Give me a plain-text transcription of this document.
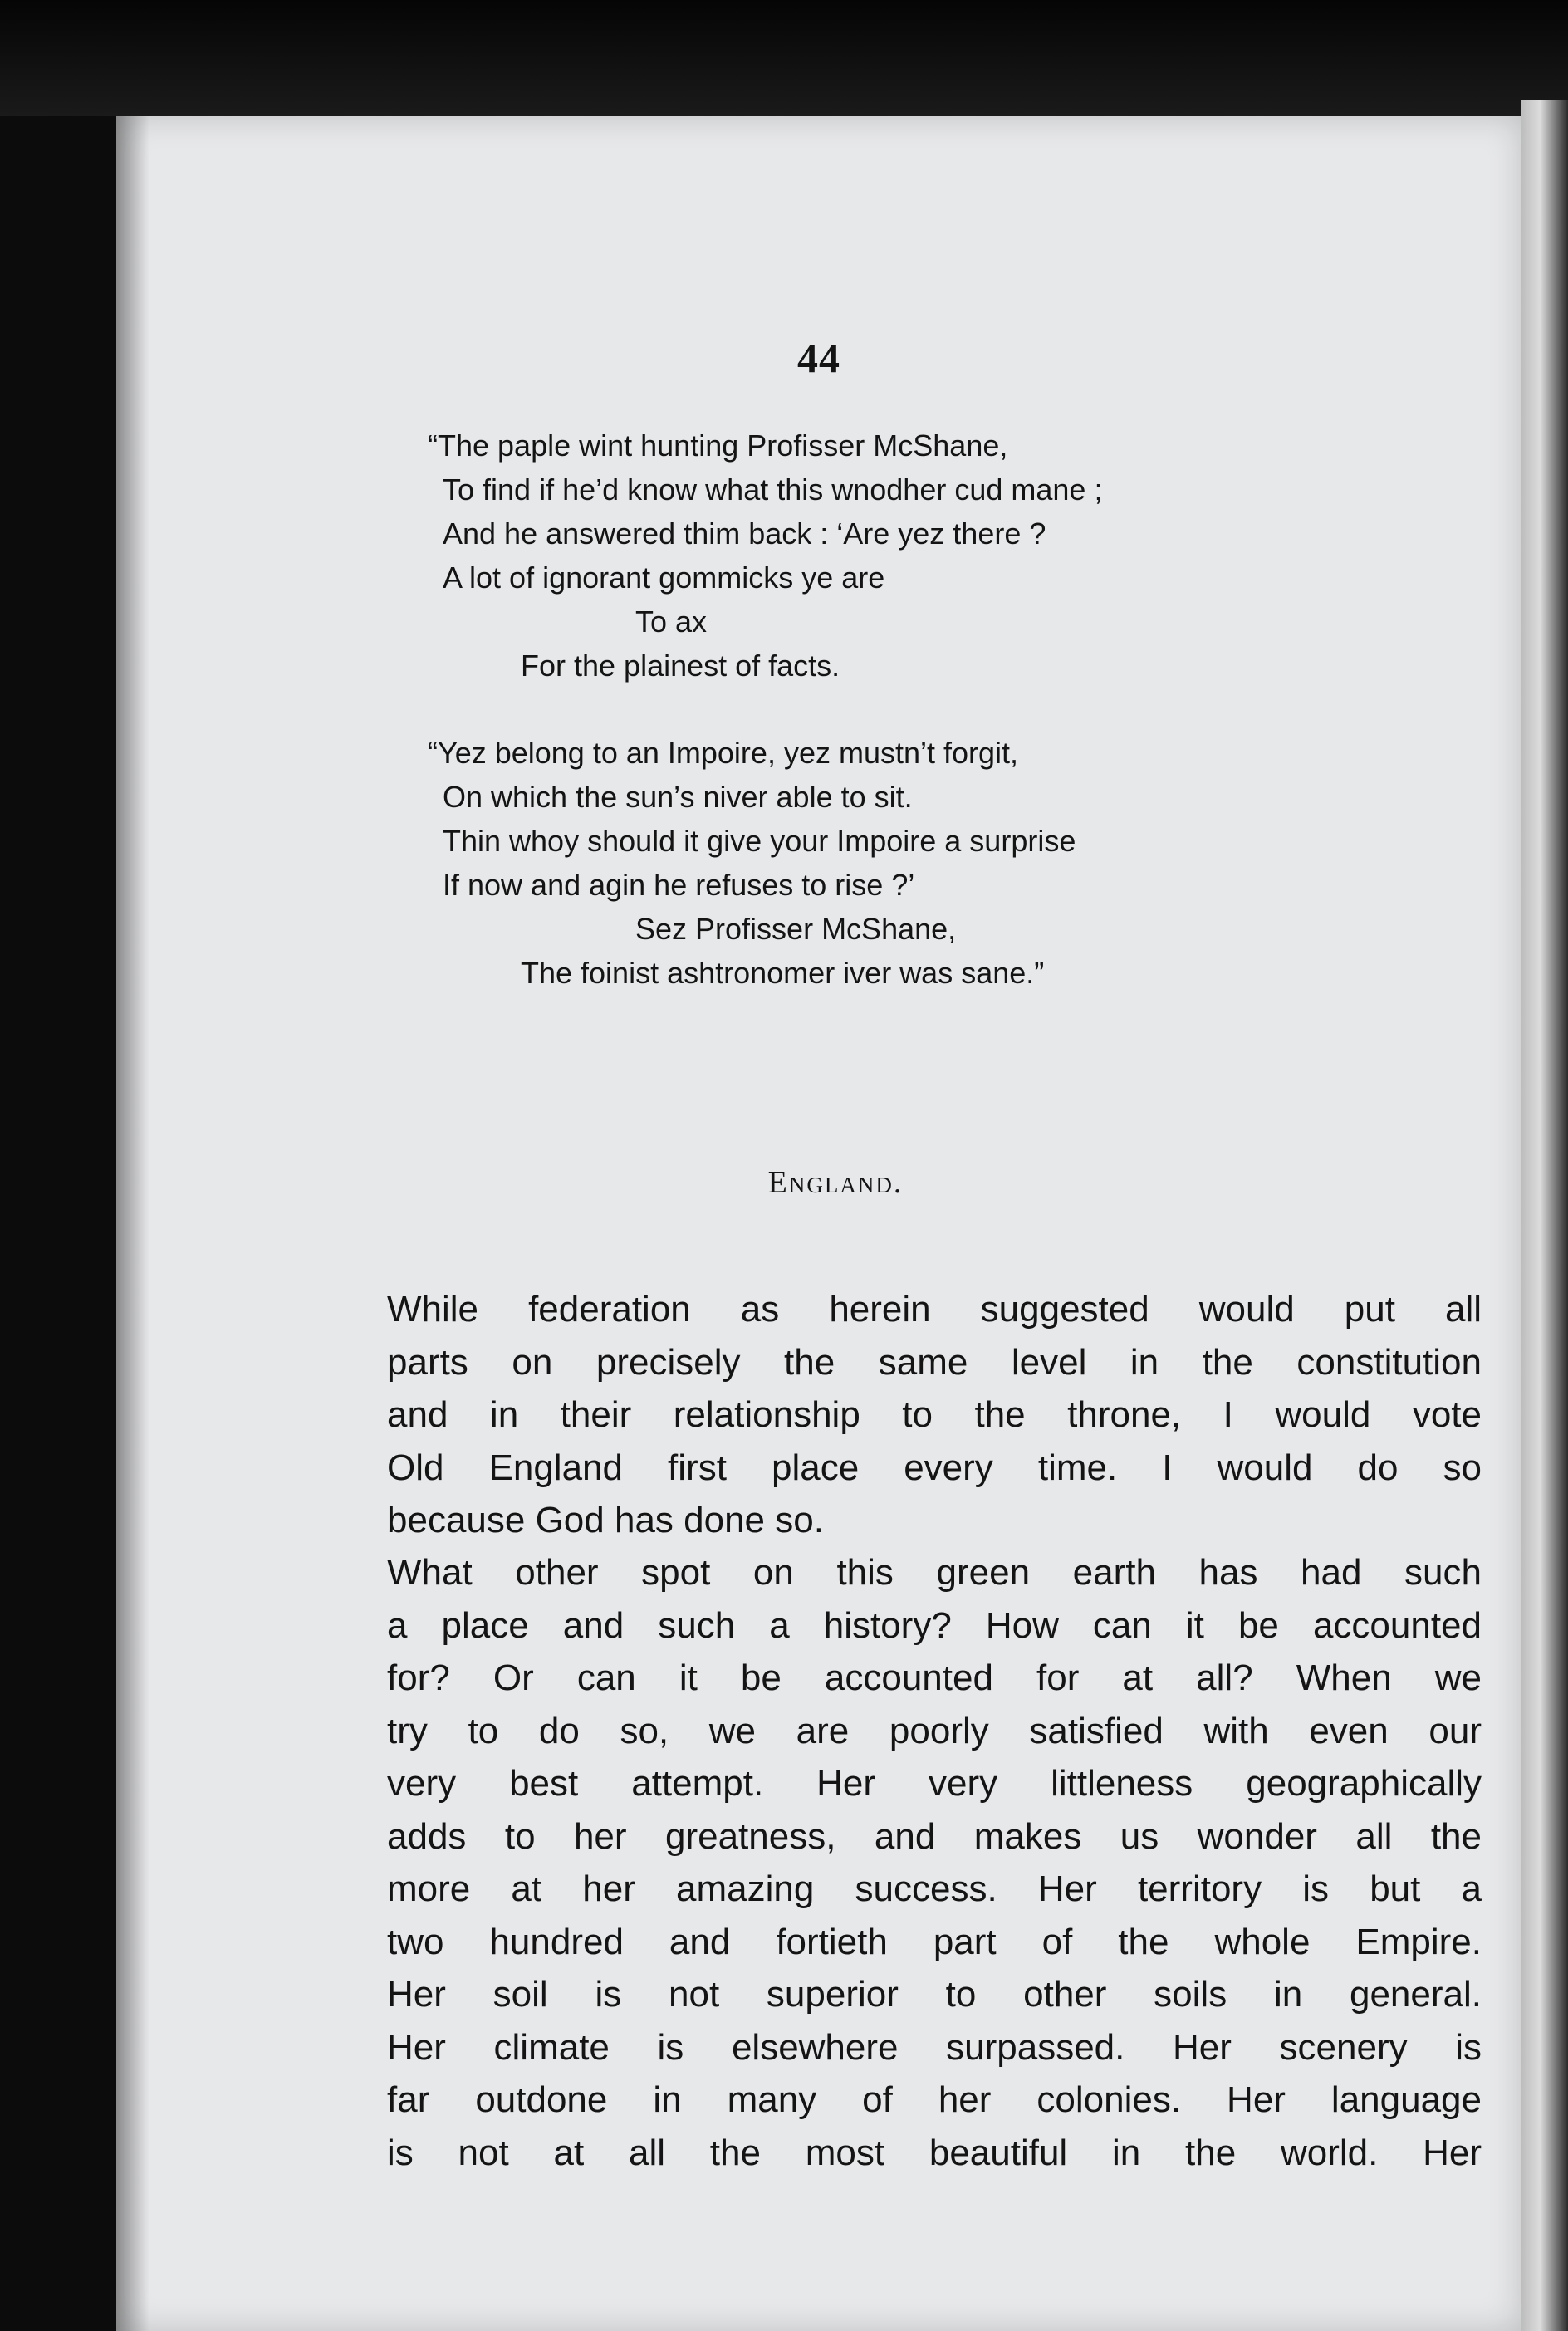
44
“The paple wint hunting Profisser McShane,
To find if he’d know what this wnodher cud mane ;
And he answered thim back : ‘Are yez there ?
A lot of ignorant gommicks ye are
To ax
For the plainest of facts.
“Yez belong to an Impoire, yez mustn’t forgit,
On which the sun’s niver able to sit.
Thin whoy should it give your Impoire a surprise
If now and agin he refuses to rise ?’
Sez Profisser McShane,
The foinist ashtronomer iver was sane.”
England.
While federation as herein suggested would put all
parts on precisely the same level in the constitution
and in their relationship to the throne, I would vote
Old England first place every time. I would do so
because God has done so.
What other spot on this green earth has had such
a place and such a history? How can it be accounted
for? Or can it be accounted for at all? When we
try to do so, we are poorly satisfied with even our
very best attempt. Her very littleness geographically
adds to her greatness, and makes us wonder all the
more at her amazing success. Her territory is but a
two hundred and fortieth part of the whole Empire.
Her soil is not superior to other soils in general.
Her climate is elsewhere surpassed. Her scenery is
far outdone in many of her colonies. Her language
is not at all the most beautiful in the world. Her
